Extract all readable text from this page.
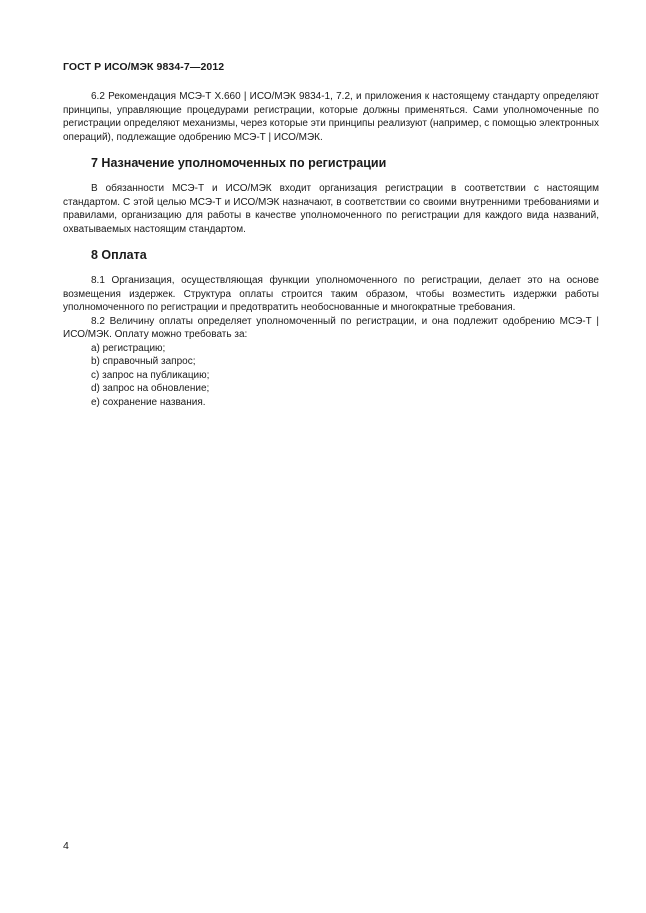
ГОСТ Р ИСО/МЭК 9834-7—2012

6.2 Рекомендация МСЭ-Т Х.660 | ИСО/МЭК 9834-1, 7.2, и приложения к настоящему стандарту определяют принципы, управляющие процедурами регистрации, которые должны применяться. Сами уполномоченные по регистрации определяют механизмы, через которые эти принципы реализуют (например, с помощью электронных операций), подлежащие одобрению МСЭ-Т | ИСО/МЭК.

7 Назначение уполномоченных по регистрации

В обязанности МСЭ-Т и ИСО/МЭК входит организация регистрации в соответствии с настоящим стандартом. С этой целью МСЭ-Т и ИСО/МЭК назначают, в соответствии со своими внутренними требованиями и правилами, организацию для работы в качестве уполномоченного по регистрации для каждого вида названий, охватываемых настоящим стандартом.

8 Оплата

8.1 Организация, осуществляющая функции уполномоченного по регистрации, делает это на основе возмещения издержек. Структура оплаты строится таким образом, чтобы возместить издержки работы уполномоченного по регистрации и предотвратить необоснованные и многократные требования.

8.2 Величину оплаты определяет уполномоченный по регистрации, и она подлежит одобрению МСЭ-Т | ИСО/МЭК. Оплату можно требовать за:

а) регистрацию;
b) справочный запрос;
с) запрос на публикацию;
d) запрос на обновление;
е) сохранение названия.
4
